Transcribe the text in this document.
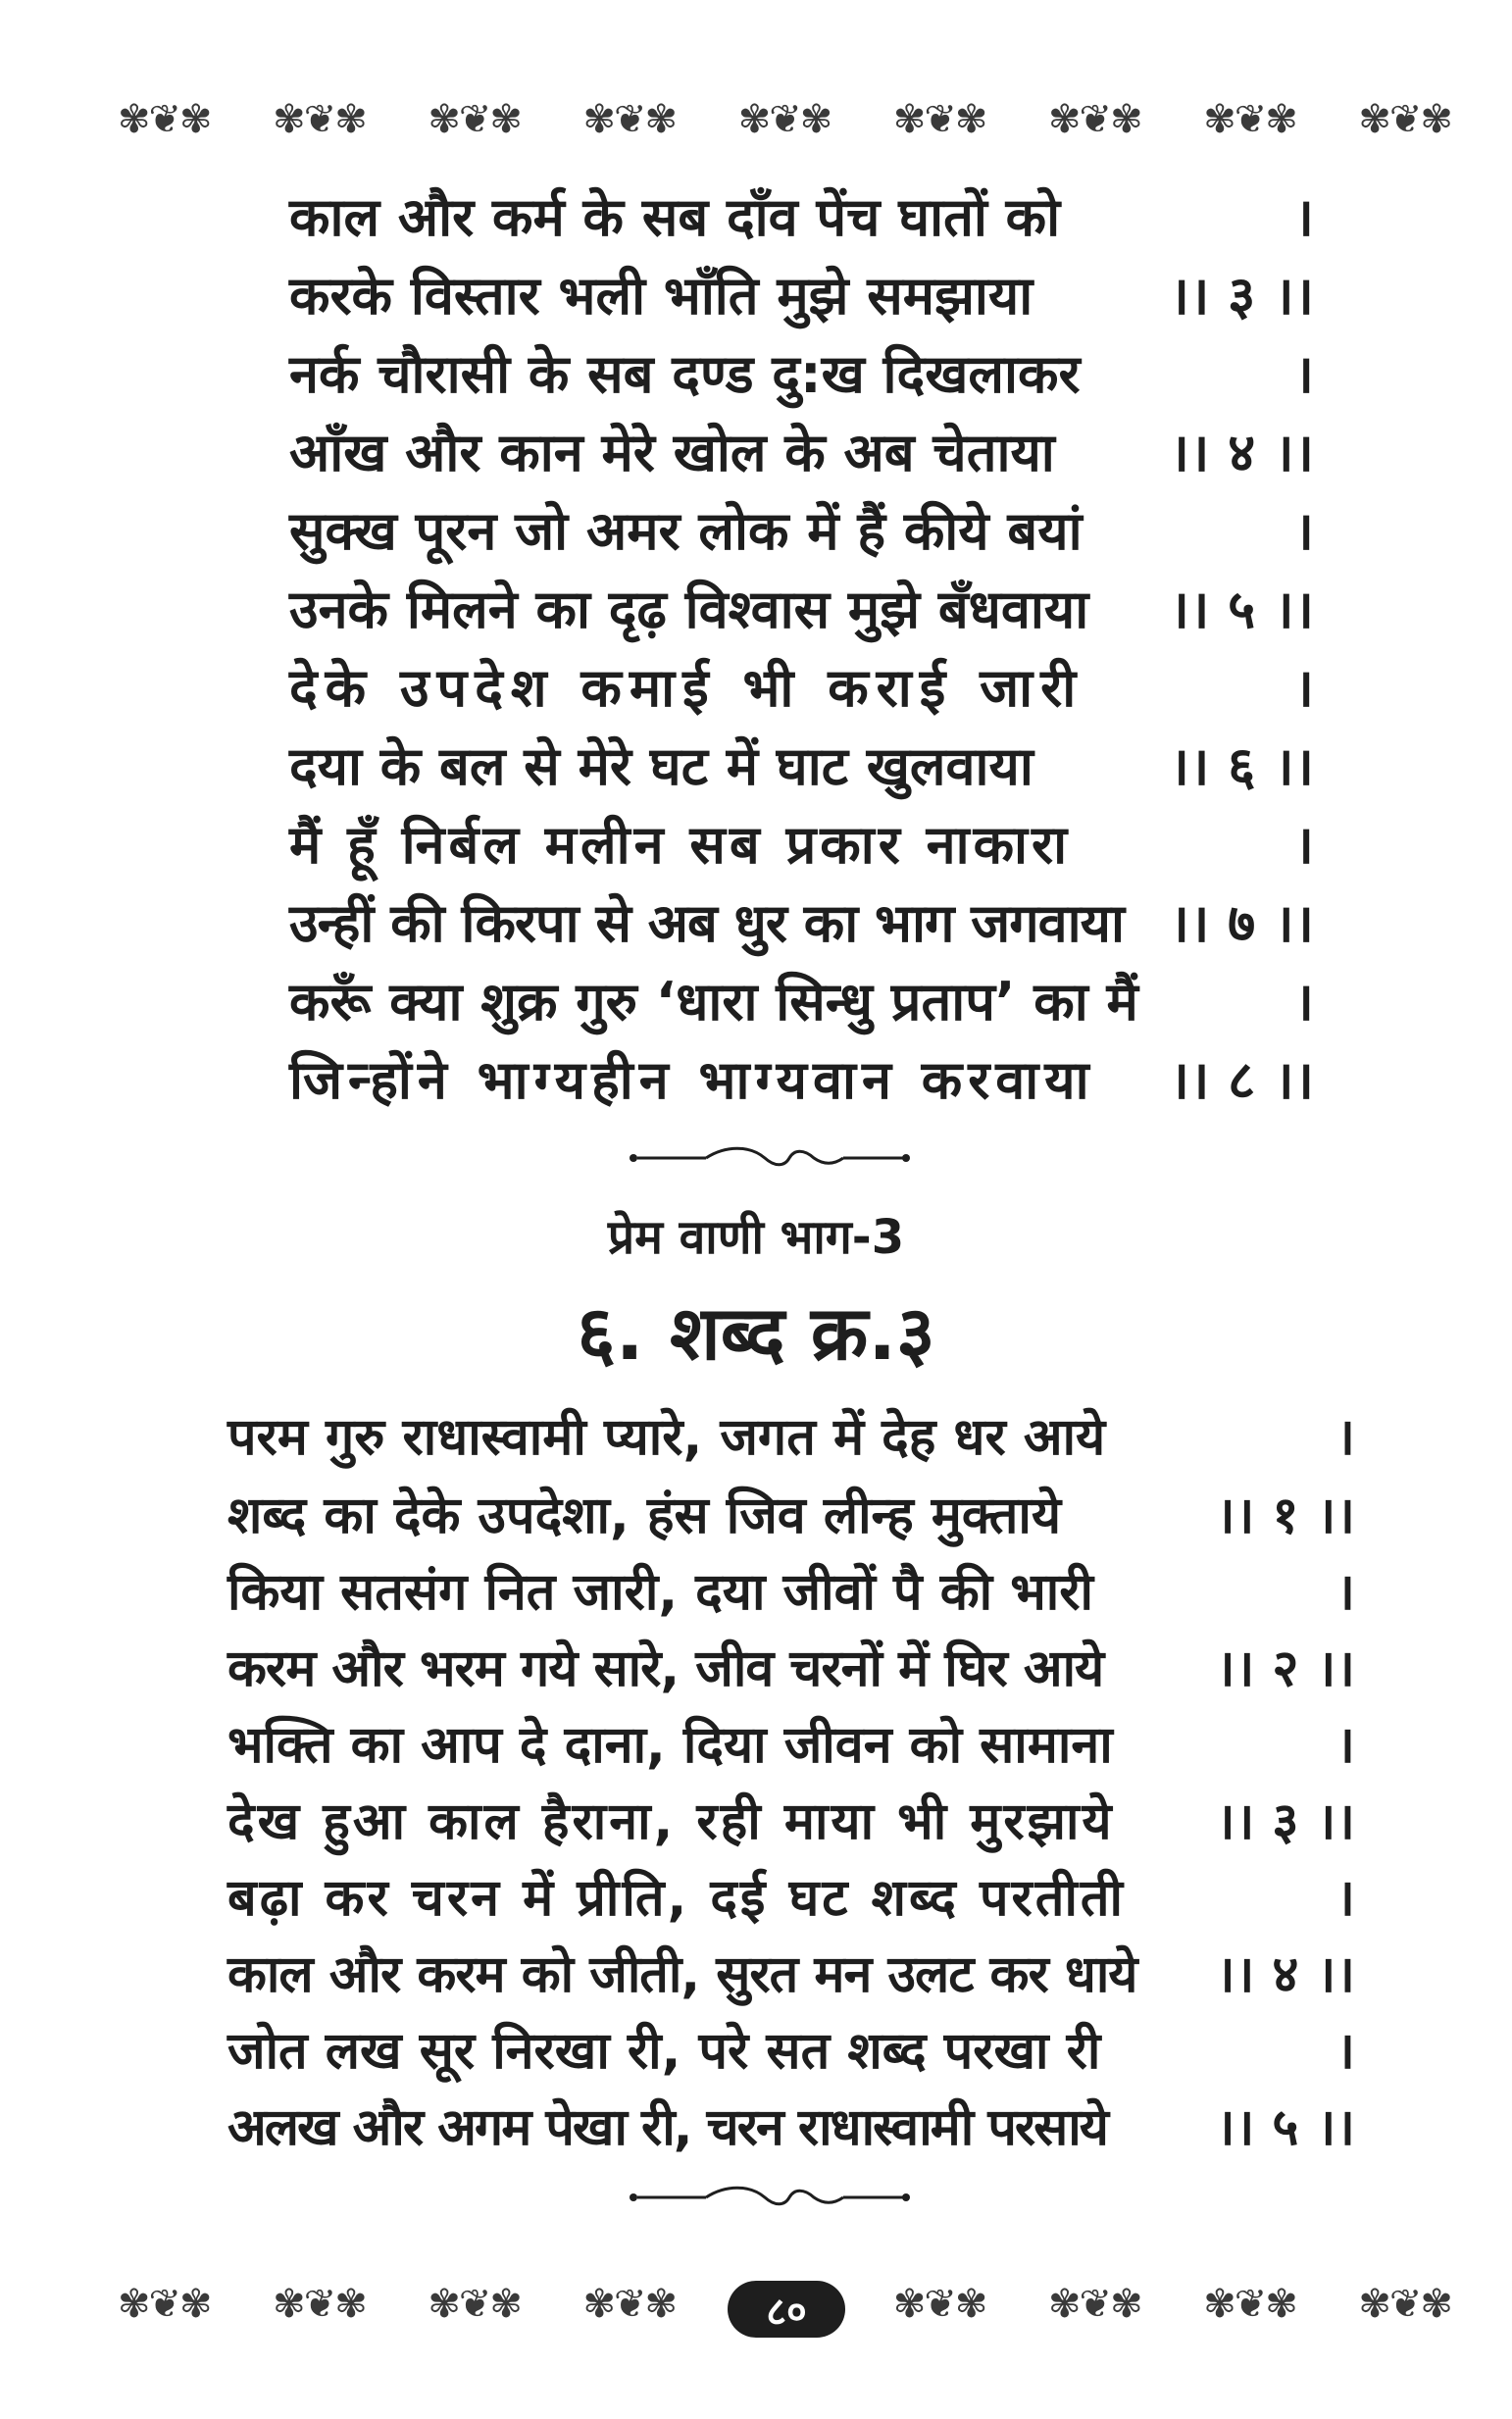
✾❦✾ ✾❦✾ ✾❦✾ ✾❦✾ ✾❦✾ ✾❦✾ ✾❦✾ ✾❦✾ ✾❦✾
काल और कर्म के सब दाँव पेंच घातों को	।
करके विस्तार भली भाँति मुझे समझाया	।। ३ ।।
नर्क चौरासी के सब दण्ड दु:ख दिखलाकर	।
आँख और कान मेरे खोल के अब चेताया	।। ४ ।।
सुक्ख पूरन जो अमर लोक में हैं कीये बयां	।
उनके मिलने का दृढ़ विश्वास मुझे बँधवाया	।। ५ ।।
देके उपदेश कमाई भी कराई जारी	।
दया के बल से मेरे घट में घाट खुलवाया	।। ६ ।।
मैं हूँ निर्बल मलीन सब प्रकार नाकारा	।
उन्हीं की किरपा से अब धुर का भाग जगवाया ।। ७ ।।
करूँ क्या शुक्र गुरु ‘धारा सिन्धु प्रताप’ का मैं	।
जिन्होंने भाग्यहीन भाग्यवान करवाया	।। ८ ।।
प्रेम वाणी भाग-3
६. शब्द क्र.३
परम गुरु राधास्वामी प्यारे, जगत में देह धर आये	।
शब्द का देके उपदेशा, हंस जिव लीन्ह मुक्ताये	।। १ ।।
किया सतसंग नित जारी, दया जीवों पै की भारी	।
करम और भरम गये सारे, जीव चरनों में घिर आये	।। २ ।।
भक्ति का आप दे दाना, दिया जीवन को सामाना	।
देख हुआ काल हैराना, रही माया भी मुरझाये	।। ३ ।।
बढ़ा कर चरन में प्रीति, दई घट शब्द परतीती	।
काल और करम को जीती, सुरत मन उलट कर धाये	।। ४ ।।
जोत लख सूर निरखा री, परे सत शब्द परखा री	।
अलख और अगम पेखा री, चरन राधास्वामी परसाये	।। ५ ।।
✾❦✾ ✾❦✾ ✾❦✾ ✾❦✾	✾❦✾ ✾❦✾ ✾❦✾ ✾❦✾
८०
